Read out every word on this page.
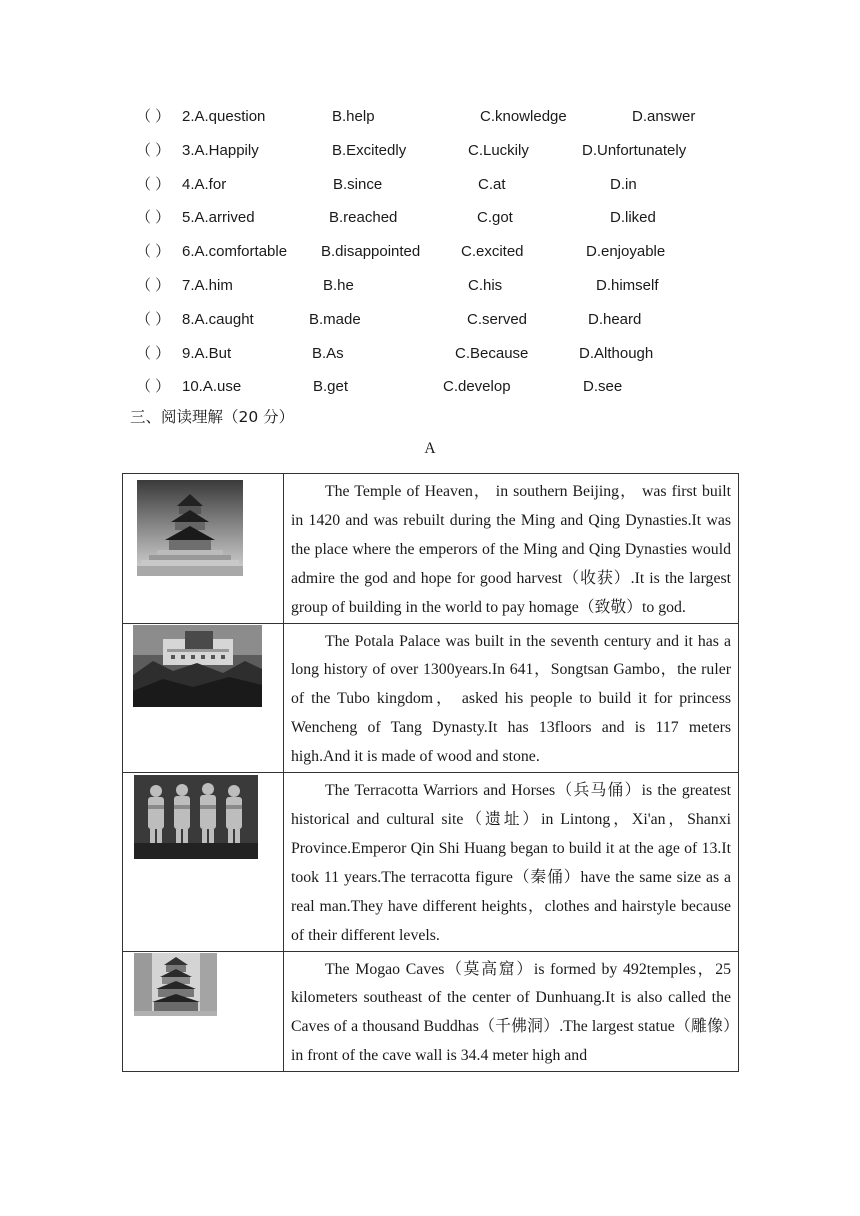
（ ） 2.A.question	B.help	C.knowledge	D.answer
（ ） 3.A.Happily	B.Excitedly	C.Luckily	D.Unfortunately
（ ） 4.A.for	B.since	C.at	D.in
（ ） 5.A.arrived	B.reached	C.got	D.liked
（ ） 6.A.comfortable B.disappointed	C.excited	D.enjoyable
（ ） 7.A.him	B.he	C.his	D.himself
（ ） 8.A.caught	B.made	C.served	D.heard
（ ） 9.A.But	B.As	C.Because	D.Although
（ ） 10.A.use	B.get	C.develop	D.see
三、阅读理解（20 分）
A

The Temple of Heaven， in southern Beijing， was first built in 1420 and was rebuilt during the Ming and Qing Dynasties.It was the place where the emperors of the Ming and Qing Dynasties would admire the god and hope for good harvest（收获）.It is the largest group of building in the world to pay homage（致敬）to god.

The Potala Palace was built in the seventh century and it has a long history of over 1300years.In 641，Songtsan Gambo，the ruler of the Tubo kingdom， asked his people to build it for princess Wencheng of Tang Dynasty.It has 13floors and is 117 meters high.And it is made of wood and stone.

The Terracotta Warriors and Horses（兵马俑）is the greatest historical and cultural site（遗址）in Lintong，Xi'an，Shanxi Province.Emperor Qin Shi Huang began to build it at the age of 13.It took 11 years.The terracotta figure（秦俑）have the same size as a real man.They have different heights，clothes and hairstyle because of their different levels.

The Mogao Caves（莫高窟）is formed by 492temples，25 kilometers southeast of the center of Dunhuang.It is also called the Caves of a thousand Buddhas（千佛洞）.The largest statue（雕像）in front of the cave wall is 34.4 meter high and
